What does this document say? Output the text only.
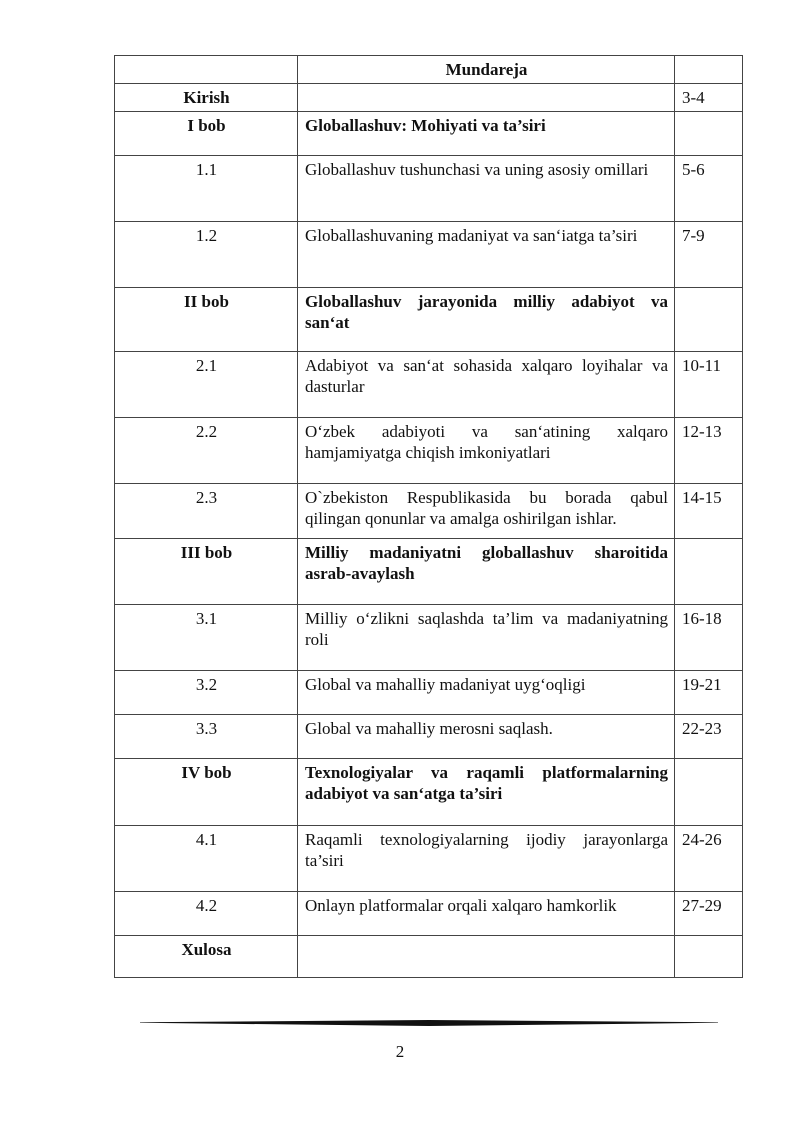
	Mundareja	
Kirish		3-4
I bob	Globallashuv: Mohiyati va ta’siri	
1.1	Globallashuv tushunchasi va uning asosiy omillari	5-6
1.2	Globallashuvaning madaniyat va san‘iatga ta’siri	7-9
II bob	Globallashuv jarayonida milliy adabiyot va san‘at	
2.1	Adabiyot va san‘at sohasida xalqaro loyihalar va dasturlar	10-11
2.2	O‘zbek adabiyoti va san‘atining xalqaro hamjamiyatga chiqish imkoniyatlari	12-13
2.3	O`zbekiston Respublikasida bu borada qabul qilingan qonunlar va amalga oshirilgan ishlar.	14-15
III bob	Milliy madaniyatni globallashuv sharoitida asrab-avaylash	
3.1	Milliy o‘zlikni saqlashda ta’lim va madaniyatning roli	16-18
3.2	Global va mahalliy madaniyat uyg‘oqligi	19-21
3.3	Global va mahalliy merosni saqlash.	22-23
IV bob	Texnologiyalar va raqamli platformalarning adabiyot va san‘atga ta’siri	
4.1	Raqamli texnologiyalarning ijodiy jarayonlarga ta’siri	24-26
4.2	Onlayn platformalar orqali xalqaro hamkorlik	27-29
Xulosa		
2
